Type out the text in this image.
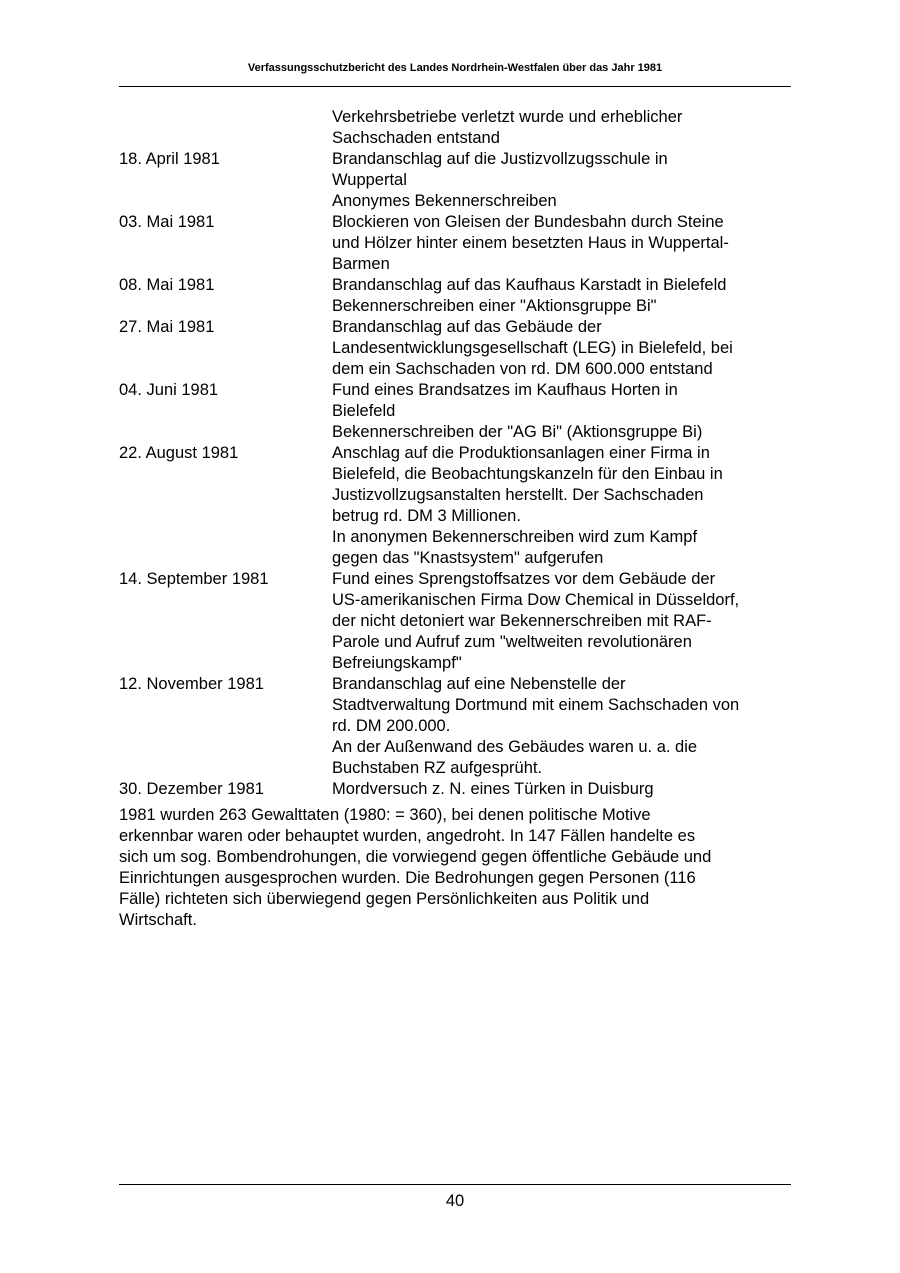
Verfassungsschutzbericht des Landes Nordrhein-Westfalen über das Jahr 1981
Verkehrsbetriebe verletzt wurde und erheblicher
Sachschaden entstand
18. April 1981	Brandanschlag auf die Justizvollzugsschule in
Wuppertal
Anonymes Bekennerschreiben
03. Mai 1981	Blockieren von Gleisen der Bundesbahn durch Steine
und Hölzer hinter einem besetzten Haus in Wuppertal-
Barmen
08. Mai 1981	Brandanschlag auf das Kaufhaus Karstadt in Bielefeld
Bekennerschreiben einer "Aktionsgruppe Bi"
27. Mai 1981	Brandanschlag auf das Gebäude der
Landesentwicklungsgesellschaft (LEG) in Bielefeld, bei
dem ein Sachschaden von rd. DM 600.000 entstand
04. Juni 1981	Fund eines Brandsatzes im Kaufhaus Horten in
Bielefeld
Bekennerschreiben der "AG Bi" (Aktionsgruppe Bi)
22. August 1981	Anschlag auf die Produktionsanlagen einer Firma in
Bielefeld, die Beobachtungskanzeln für den Einbau in
Justizvollzugsanstalten herstellt. Der Sachschaden
betrug rd. DM 3 Millionen.
In anonymen Bekennerschreiben wird zum Kampf
gegen das "Knastsystem" aufgerufen
14. September 1981	Fund eines Sprengstoffsatzes vor dem Gebäude der
US-amerikanischen Firma Dow Chemical in Düsseldorf,
der nicht detoniert war Bekennerschreiben mit RAF-
Parole und Aufruf zum "weltweiten revolutionären
Befreiungskampf"
12. November 1981	Brandanschlag auf eine Nebenstelle der
Stadtverwaltung Dortmund mit einem Sachschaden von
rd. DM 200.000.
An der Außenwand des Gebäudes waren u. a. die
Buchstaben RZ aufgesprüht.
30. Dezember 1981	Mordversuch z. N. eines Türken in Duisburg
1981 wurden 263 Gewalttaten (1980: = 360), bei denen politische Motive
erkennbar waren oder behauptet wurden, angedroht. In 147 Fällen handelte es
sich um sog. Bombendrohungen, die vorwiegend gegen öffentliche Gebäude und
Einrichtungen ausgesprochen wurden. Die Bedrohungen gegen Personen (116
Fälle) richteten sich überwiegend gegen Persönlichkeiten aus Politik und
Wirtschaft.
40
